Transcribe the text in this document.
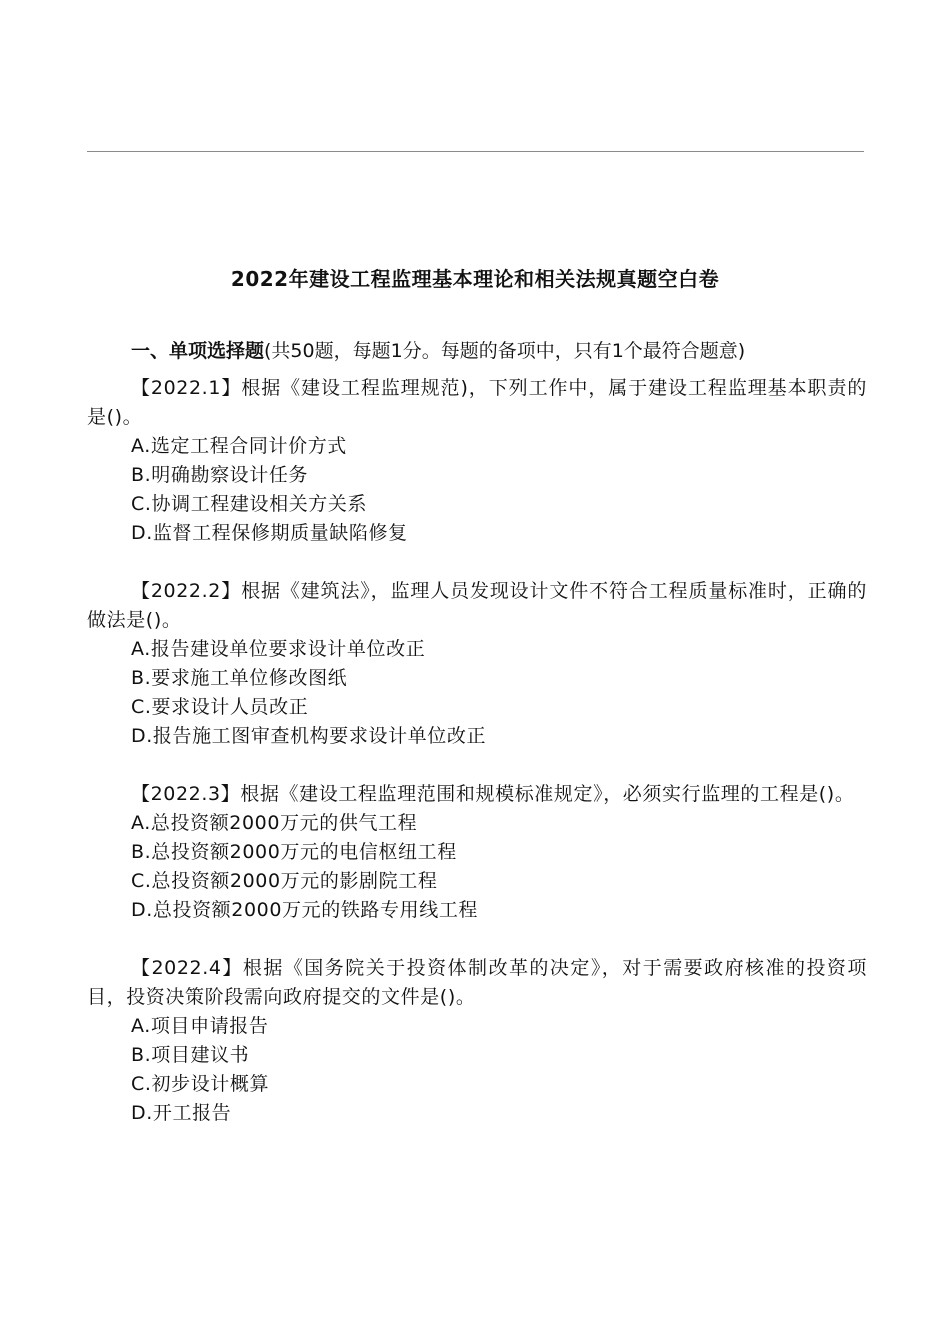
2022年建设工程监理基本理论和相关法规真题空白卷
一、单项选择题(共50题，每题1分。每题的备项中，只有1个最符合题意)

【2022.1】根据《建设工程监理规范)，下列工作中，属于建设工程监理基本职责的是()。

A.选定工程合同计价方式

B.明确勘察设计任务

C.协调工程建设相关方关系

D.监督工程保修期质量缺陷修复

【2022.2】根据《建筑法》，监理人员发现设计文件不符合工程质量标准时，正确的做法是()。

A.报告建设单位要求设计单位改正

B.要求施工单位修改图纸

C.要求设计人员改正

D.报告施工图审查机构要求设计单位改正

【2022.3】根据《建设工程监理范围和规模标准规定》，必须实行监理的工程是()。

A.总投资额2000万元的供气工程

B.总投资额2000万元的电信枢纽工程

C.总投资额2000万元的影剧院工程

D.总投资额2000万元的铁路专用线工程

【2022.4】根据《国务院关于投资体制改革的决定》，对于需要政府核准的投资项目，投资决策阶段需向政府提交的文件是()。

A.项目申请报告

B.项目建议书

C.初步设计概算

D.开工报告
